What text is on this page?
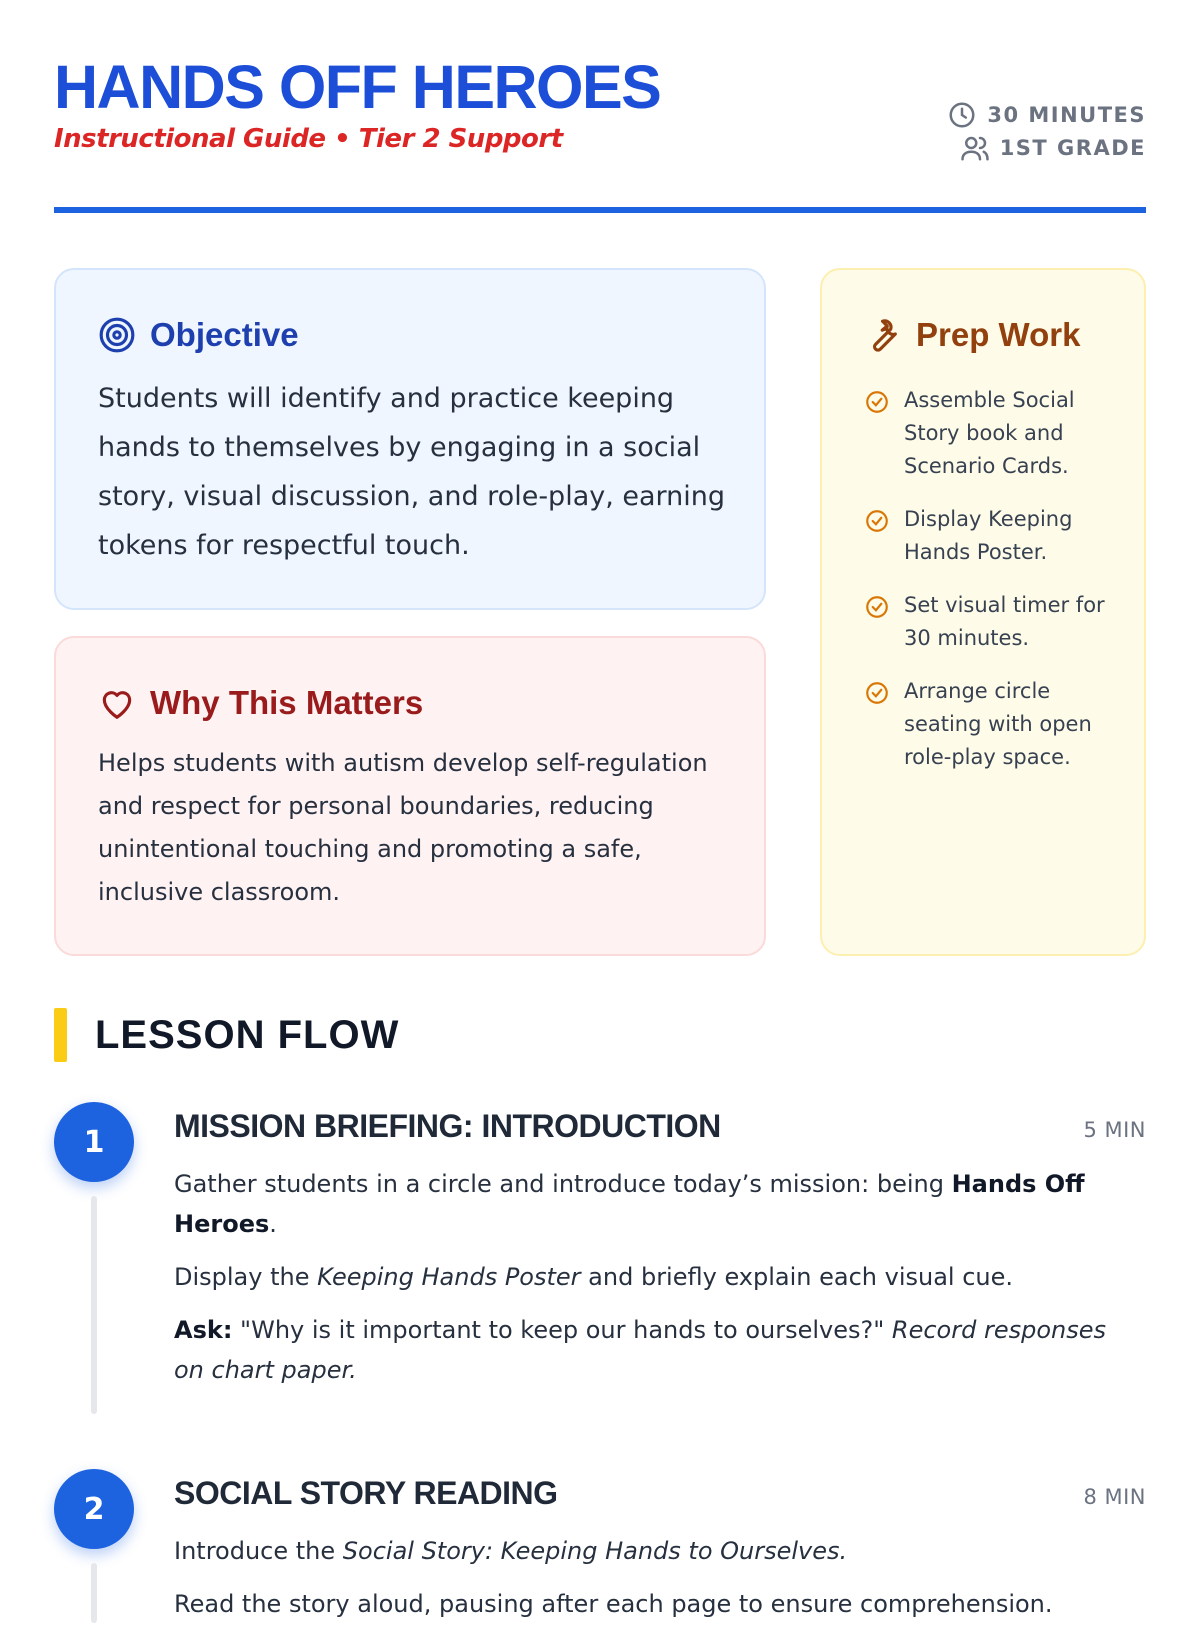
HANDS OFF HEROES
Instructional Guide • Tier 2 Support
30 MINUTES
1ST GRADE
Objective
Students will identify and practice keeping hands to themselves by engaging in a social story, visual discussion, and role-play, earning tokens for respectful touch.
Why This Matters
Helps students with autism develop self-regulation and respect for personal boundaries, reducing unintentional touching and promoting a safe, inclusive classroom.
Prep Work
Assemble Social Story book and Scenario Cards.
Display Keeping Hands Poster.
Set visual timer for 30 minutes.
Arrange circle seating with open role-play space.
LESSON FLOW
1	MISSION BRIEFING: INTRODUCTION	5 MIN

Gather students in a circle and introduce today’s mission: being Hands Off Heroes.

Display the Keeping Hands Poster and briefly explain each visual cue.

Ask: "Why is it important to keep our hands to ourselves?" Record responses on chart paper.

2	SOCIAL STORY READING	8 MIN

Introduce the Social Story: Keeping Hands to Ourselves.

Read the story aloud, pausing after each page to ensure comprehension.
